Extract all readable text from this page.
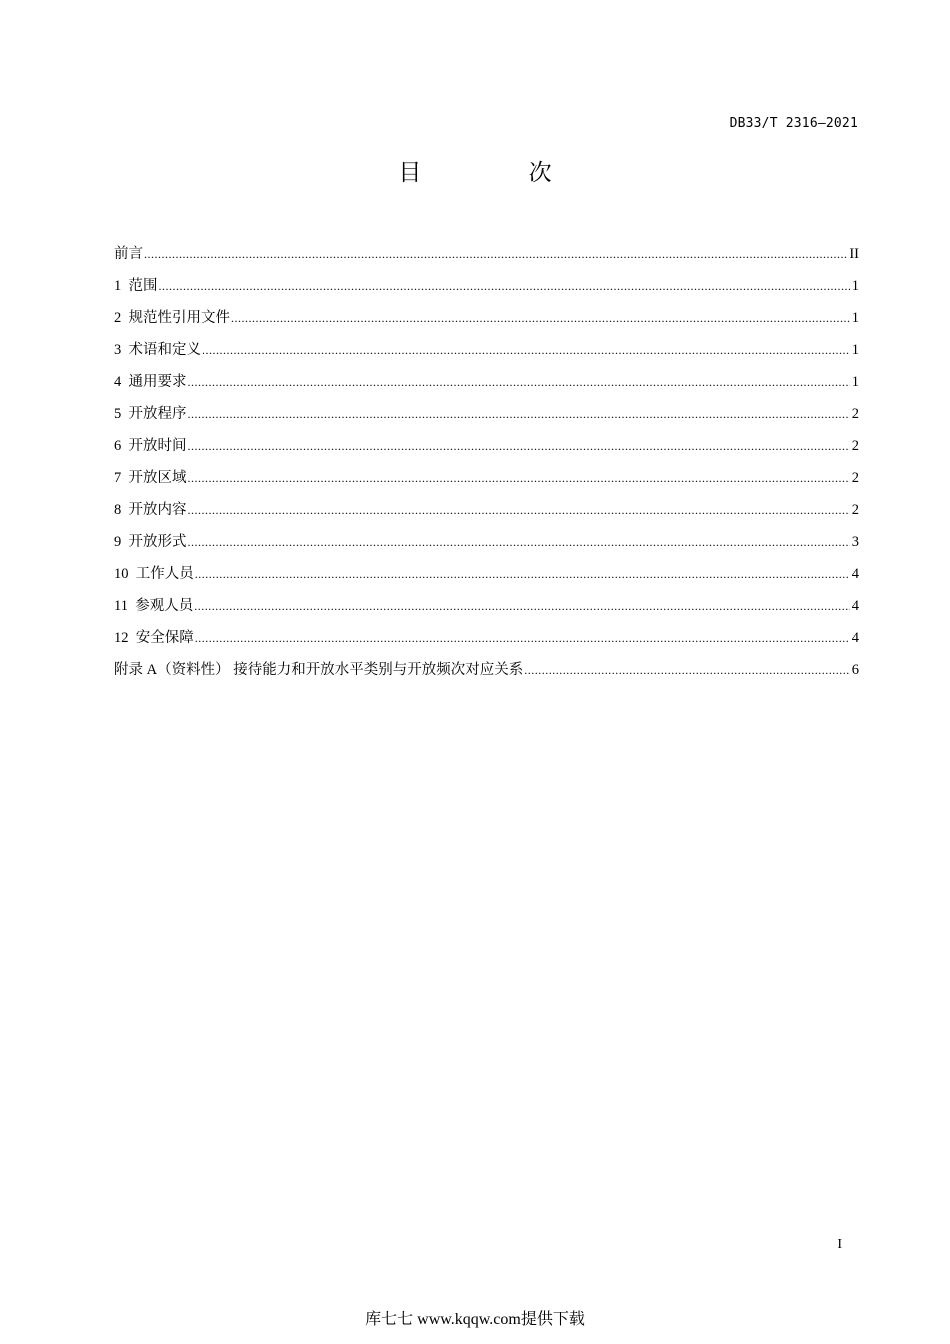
DB33/T 2316—2021
目 次
前言 .....	II
1 范围 .....	1
2 规范性引用文件 .....	1
3 术语和定义 .....	1
4 通用要求 .....	1
5 开放程序 .....	2
6 开放时间 .....	2
7 开放区域 .....	2
8 开放内容 .....	2
9 开放形式 .....	3
10 工作人员 .....	4
11 参观人员 .....	4
12 安全保障 .....	4
附录 A（资料性） 接待能力和开放水平类别与开放频次对应关系 .....	6
I
库七七 www.kqqw.com提供下载
